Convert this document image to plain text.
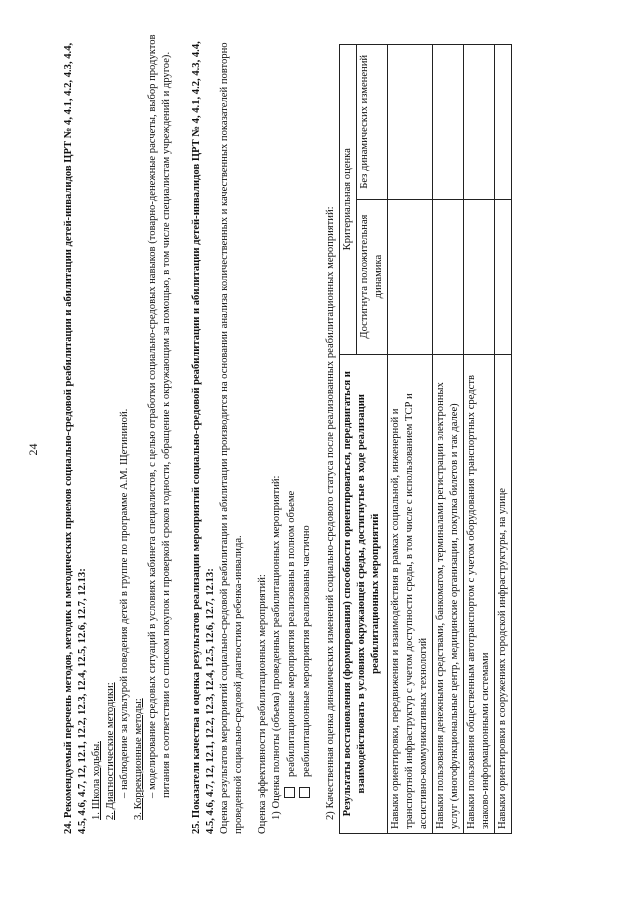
24 24. Рекомендуемый перечень методов, методик и методических приемов социально-средовой реабилитации и абилитации детей-инвалидов ЦРТ № 4, 4.1, 4.2, 4.3, 4.4, 4.5, 4.6, 4.7, 12, 12.1, 12.2, 12.3, 12.4, 12.5, 12.6, 12.7, 12.13: 1. Школа ходьбы. 2. Диагностические методики: – наблюдение за культурой поведения детей в группе по программе А.М. Щетининой. 3. Коррекционные методы: – моделирование средовых ситуаций в условиях кабинета специалистов, с целью отработки социально-средовых навыков (товарно-денежные расчеты, выбор продуктов питания в соответствии со списком покупок и проверкой сроков годности, обращение к окружающим за помощью, в том числе специалистам учреждений и другое). 25. Показатели качества и оценка результатов реализации мероприятий социально-средовой реабилитации и абилитации детей-инвалидов ЦРТ № 4, 4.1, 4.2, 4.3, 4.4, 4.5, 4.6, 4.7, 12, 12.1, 12.2, 12.3, 12.4, 12.5, 12.6, 12.7, 12.13: Оценка результатов мероприятий социально-средовой реабилитации и абилитации производится на основании анализа количественных и качественных показателей повторно проведенной социально-средовой диагностики ребенка-инвалида. Оценка эффективности реабилитационных мероприятий: 1) Оценка полноты (объема) проведенных реабилитационных мероприятий: реабилитационные мероприятия реализованы в полном объеме реабилитационные мероприятия реализованы частично 2) Качественная оценка динамических изменений социально-средового статуса после реализованных реабилитационных мероприятий: Результаты восстановления (формирования) способности ориентироваться, передвигаться и взаимодействовать в условиях окружающей среды, достигнутые в ходе реализации реабилитационных мероприятий	Критериальная оценка	
	Достигнута положительная динамика	Без динамических изменений
Навыки ориентировки, передвижения и взаимодействия в рамках социальной, инженерной и транспортной инфраструктур с учетом доступности среды, в том числе с использованием ТСР и ассистивно-коммуникативных технологий		
Навыки пользования денежными средствами, банкоматом, терминалами регистрации электронных услуг (многофункциональные центр, медицинские организации, покупка билетов и так далее)		
Навыки пользования общественным автотранспортом с учетом оборудования транспортных средств знаково-информационными системами		
Навыки ориентировки в сооружениях городской инфраструктуры, на улице		
